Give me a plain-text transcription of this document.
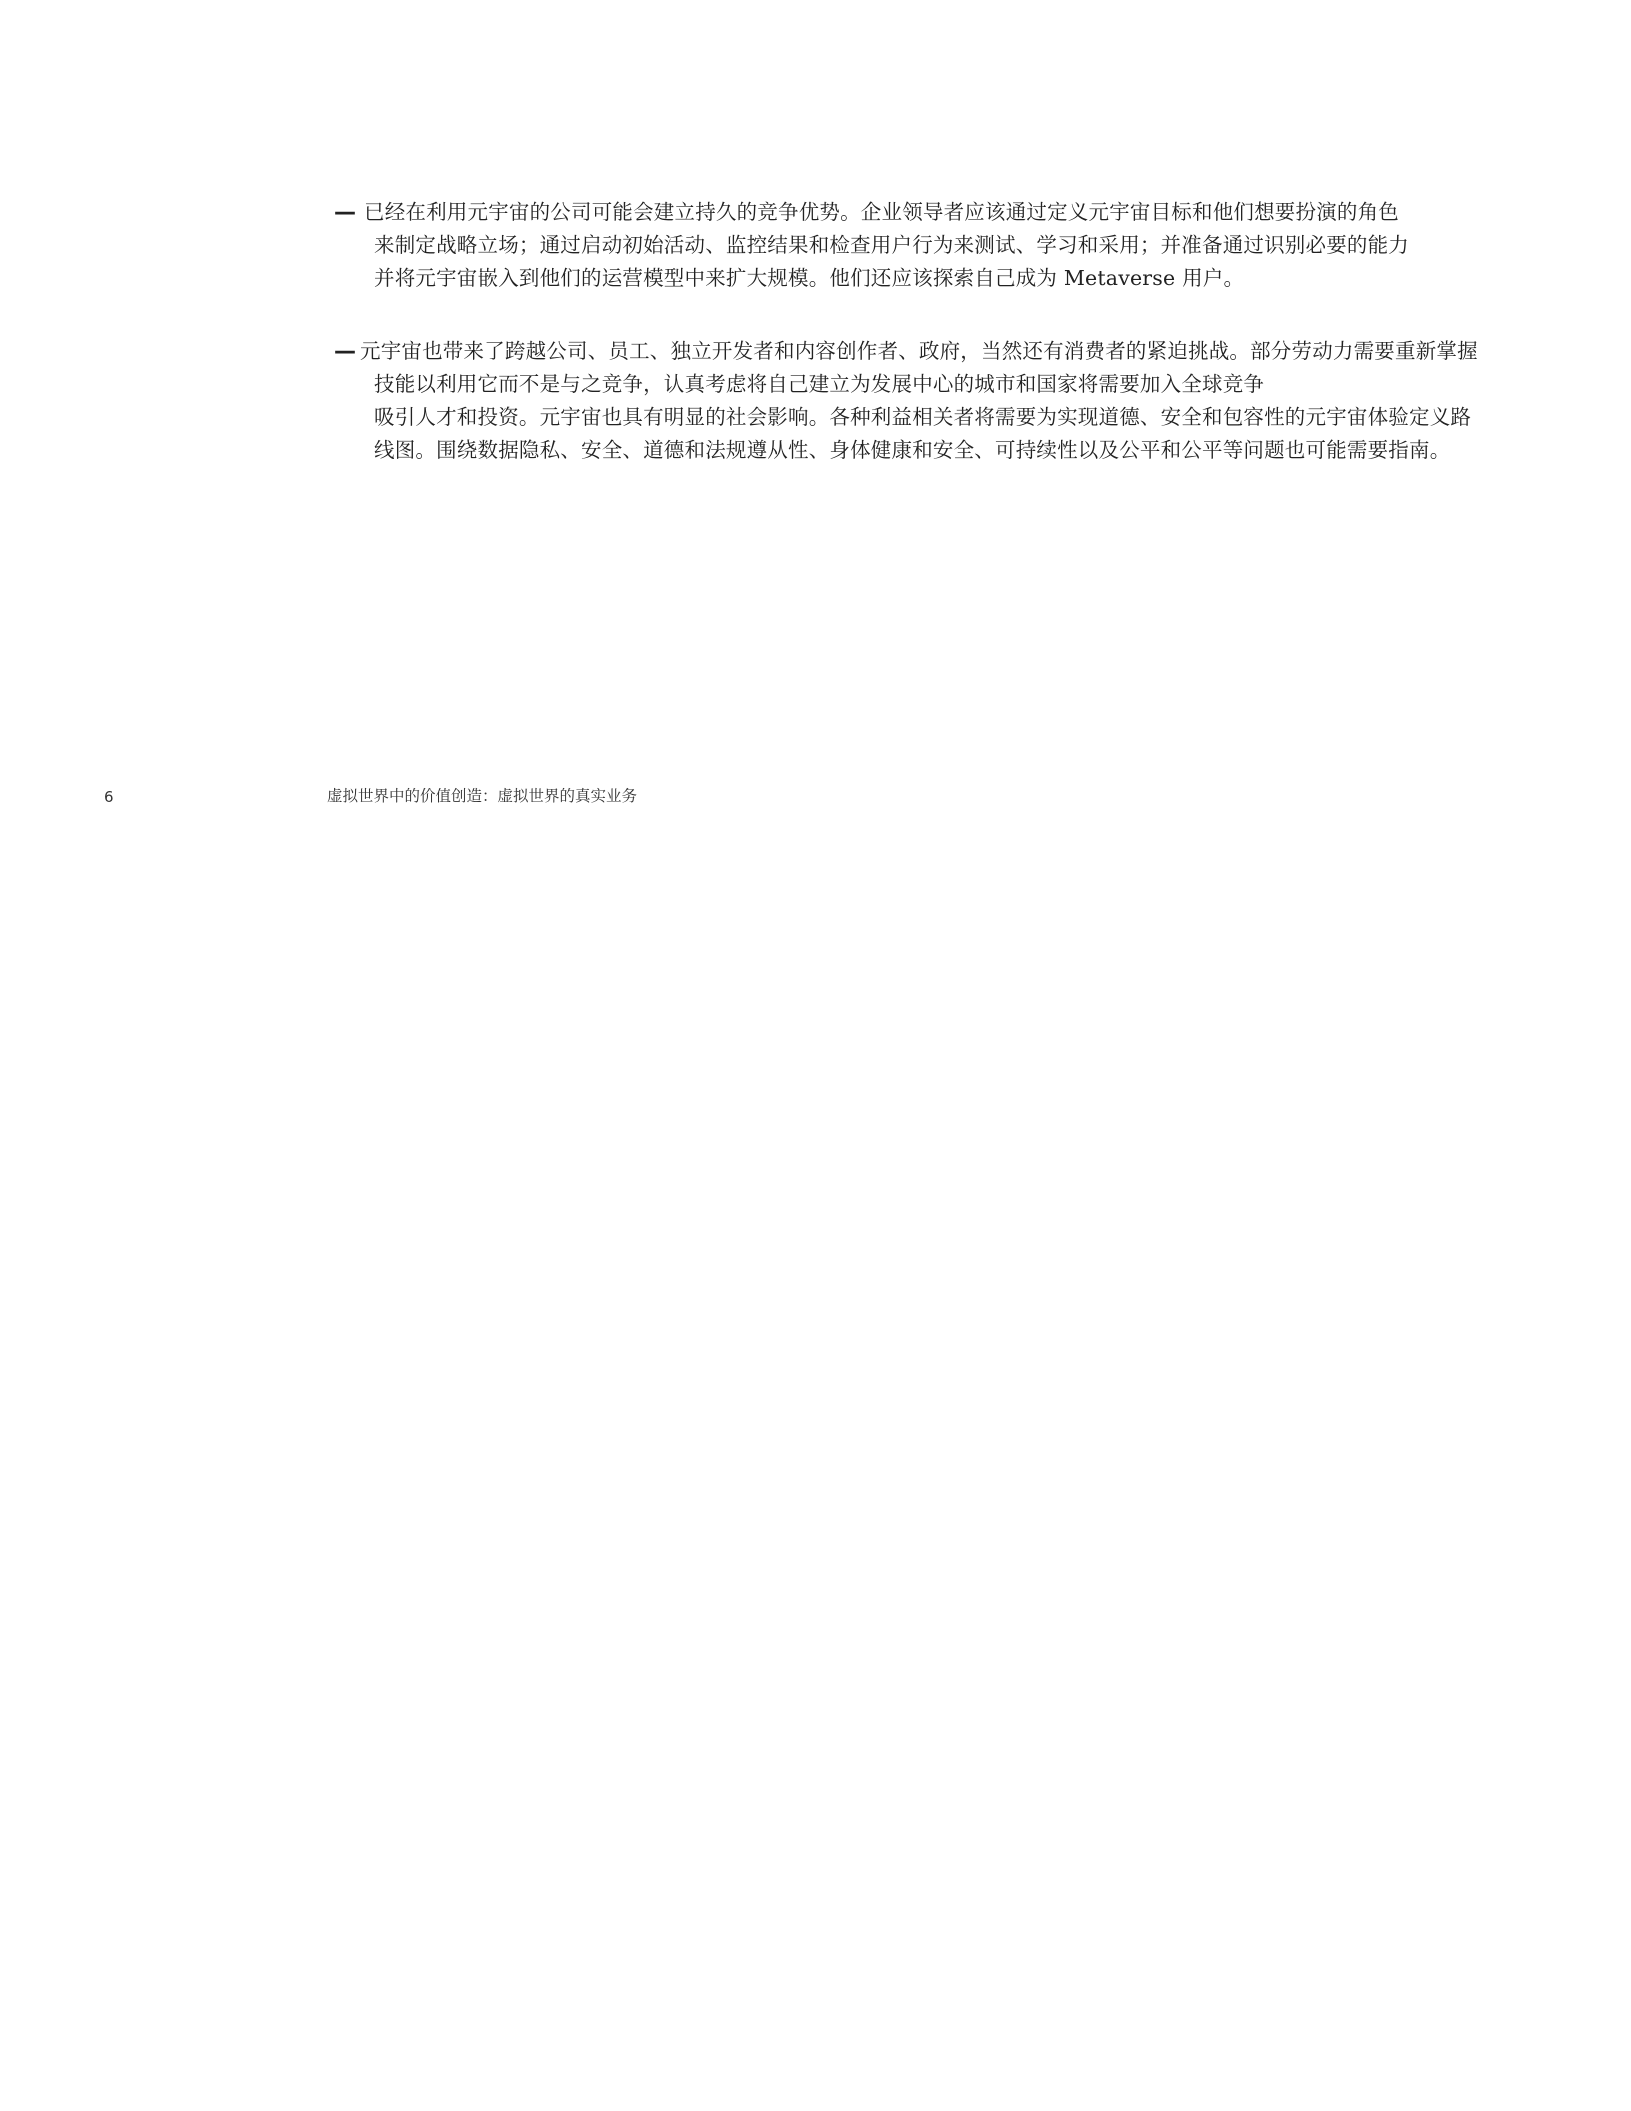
— 已经在利用元宇宙的公司可能会建立持久的竞争优势。企业领导者应该通过定义元宇宙目标和他们想要扮演的角色
来制定战略立场；通过启动初始活动、监控结果和检查用户行为来测试、学习和采用；并准备通过识别必要的能力
并将元宇宙嵌入到他们的运营模型中来扩大规模。他们还应该探索自己成为 Metaverse 用户。
— 元宇宙也带来了跨越公司、员工、独立开发者和内容创作者、政府，当然还有消费者的紧迫挑战。部分劳动力需要重新掌握
技能以利用它而不是与之竞争，认真考虑将自己建立为发展中心的城市和国家将需要加入全球竞争
吸引人才和投资。元宇宙也具有明显的社会影响。各种利益相关者将需要为实现道德、安全和包容性的元宇宙体验定义路
线图。围绕数据隐私、安全、道德和法规遵从性、身体健康和安全、可持续性以及公平和公平等问题也可能需要指南。
6	虚拟世界中的价值创造：虚拟世界的真实业务
